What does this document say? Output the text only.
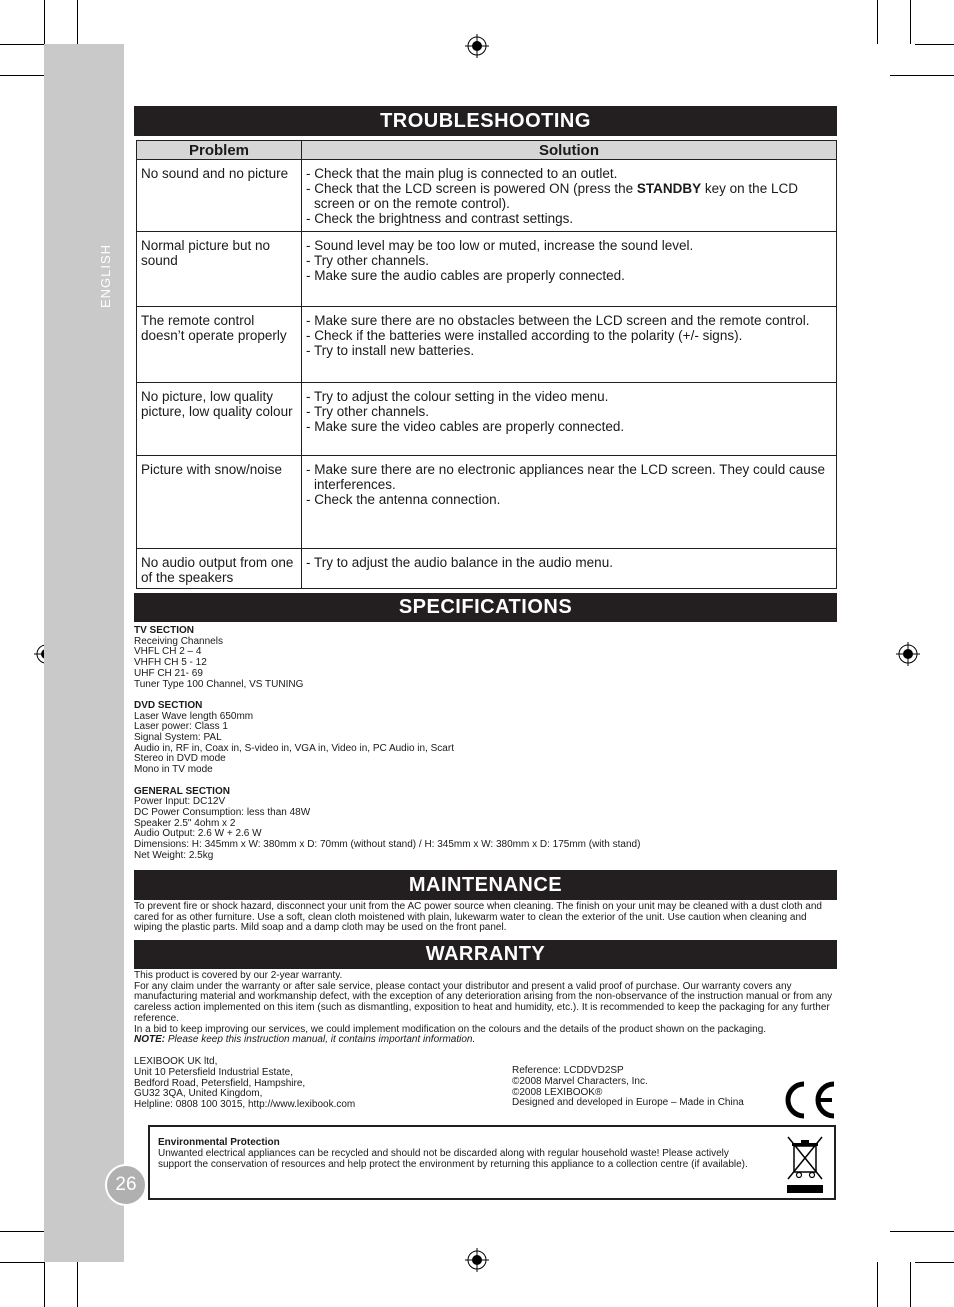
ENGLISH
TROUBLESHOOTING
Problem	Solution
No sound and no picture	- Check that the main plug is connected to an outlet.
- Check that the LCD screen is powered ON (press the STANDBY key on the LCD screen or on the remote control).
- Check the brightness and contrast settings.

Normal picture but no sound	- Sound level may be too low or muted, increase the sound level.
- Try other channels.
- Make sure the audio cables are properly connected.

The remote control doesn’t operate properly	- Make sure there are no obstacles between the LCD screen and the remote control.
- Check if the batteries were installed according to the polarity (+/- signs).
- Try to install new batteries.

No picture, low quality picture, low quality colour	- Try to adjust the colour setting in the video menu.
- Try other channels.
- Make sure the video cables are properly connected.

Picture with snow/noise	- Make sure there are no electronic appliances near the LCD screen. They could cause interferences.
- Check the antenna connection.

No audio output from one of the speakers	- Try to adjust the audio balance in the audio menu.
SPECIFICATIONS
TV SECTION
Receiving Channels
VHFL CH 2 – 4
VHFH CH 5 - 12
UHF CH 21- 69
Tuner Type 100 Channel, VS TUNING
DVD SECTION
Laser Wave length 650mm
Laser power: Class 1
Signal System: PAL
Audio in, RF in, Coax in, S-video in, VGA in, Video in, PC Audio in, Scart
Stereo in DVD mode
Mono in TV mode
GENERAL SECTION
Power Input: DC12V
DC Power Consumption: less than 48W
Speaker 2.5" 4ohm x 2
Audio Output: 2.6 W + 2.6 W
Dimensions: H: 345mm x W: 380mm x D: 70mm (without stand) / H: 345mm x W: 380mm x D: 175mm (with stand)
Net Weight: 2.5kg
MAINTENANCE
To prevent fire or shock hazard, disconnect your unit from the AC power source when cleaning. The finish on your unit may be cleaned with a dust cloth and cared for as other furniture. Use a soft, clean cloth moistened with plain, lukewarm water to clean the exterior of the unit. Use caution when cleaning and wiping the plastic parts. Mild soap and a damp cloth may be used on the front panel.
WARRANTY
This product is covered by our 2-year warranty.
For any claim under the warranty or after sale service, please contact your distributor and present a valid proof of purchase. Our warranty covers any manufacturing material and workmanship defect, with the exception of any deterioration arising from the non-observance of the instruction manual or from any careless action implemented on this item (such as dismantling, exposition to heat and humidity, etc.). It is recommended to keep the packaging for any further reference.
In a bid to keep improving our services, we could implement modification on the colours and the details of the product shown on the packaging.
NOTE: Please keep this instruction manual, it contains important information.
LEXIBOOK UK ltd,
Unit 10 Petersfield Industrial Estate,
Bedford Road, Petersfield, Hampshire,
GU32 3QA, United Kingdom,
Helpline: 0808 100 3015, http://www.lexibook.com
Reference: LCDDVD2SP
©2008 Marvel Characters, Inc.
©2008 LEXIBOOK®
Designed and developed in Europe – Made in China
Environmental Protection
Unwanted electrical appliances can be recycled and should not be discarded along with regular household waste! Please actively support the conservation of resources and help protect the environment by returning this appliance to a collection centre (if available).
26
